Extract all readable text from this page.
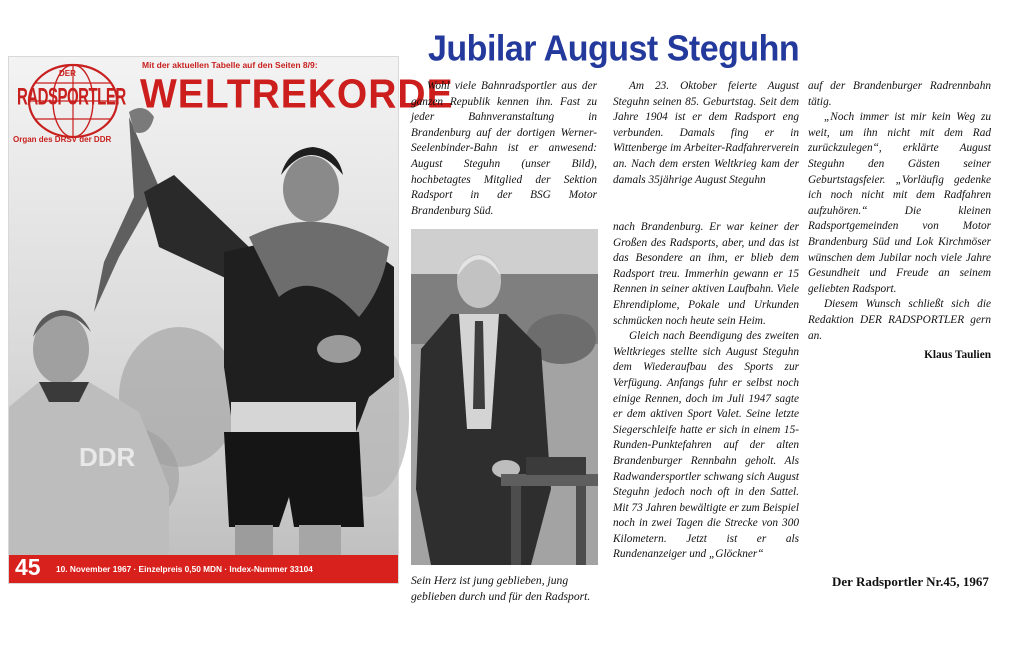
DDR
Mit der aktuellen Tabelle auf den Seiten 8/9:
DER
RADSPORTLER
Organ des DRSV der DDR
WELTREKORDE
45 10. November 1967 · Einzelpreis 0,50 MDN · Index-Nummer 33104
Jubilar August Steguhn

Wohl viele Bahnradsportler aus der ganzen Republik kennen ihn. Fast zu jeder Bahnveranstaltung in Brandenburg auf der dortigen Werner-Seelenbinder-Bahn ist er anwesend: August Steguhn (unser Bild), hochbetagtes Mitglied der Sektion Radsport in der BSG Motor Brandenburg Süd.

Am 23. Oktober feierte August Steguhn seinen 85. Geburtstag. Seit dem Jahre 1904 ist er dem Radsport eng verbunden. Damals fing er in Wittenberge im Arbeiter-Radfahrerverein an. Nach dem ersten Weltkrieg kam der damals 35jährige August Steguhn

nach Brandenburg. Er war keiner der Großen des Radsports, aber, und das ist das Besondere an ihm, er blieb dem Radsport treu. Immerhin gewann er 15 Rennen in seiner aktiven Laufbahn. Viele Ehrendiplome, Pokale und Urkunden schmücken noch heute sein Heim.

Gleich nach Beendigung des zweiten Weltkrieges stellte sich August Steguhn dem Wiederaufbau des Sports zur Verfügung. Anfangs fuhr er selbst noch einige Rennen, doch im Juli 1947 sagte er dem aktiven Sport Valet. Seine letzte Siegerschleife hatte er sich in einem 15-Runden-Punktefahren auf der alten Brandenburger Rennbahn geholt. Als Radwandersportler schwang sich August Steguhn jedoch noch oft in den Sattel. Mit 73 Jahren bewältigte er zum Beispiel noch in zwei Tagen die Strecke von 300 Kilometern. Jetzt ist er als Rundenanzeiger und „Glöckner“

auf der Brandenburger Radrennbahn tätig.

„Noch immer ist mir kein Weg zu weit, um ihn nicht mit dem Rad zurückzulegen“, erklärte August Steguhn den Gästen seiner Geburtstagsfeier. „Vorläufig gedenke ich noch nicht mit dem Radfahren aufzuhören.“ Die kleinen Radsportgemeinden von Motor Brandenburg Süd und Lok Kirchmöser wünschen dem Jubilar noch viele Jahre Gesundheit und Freude an seinem geliebten Radsport.

Diesem Wunsch schließt sich die Redaktion DER RADSPORTLER gern an.

Klaus Taulien
Sein Herz ist jung geblieben, jung geblieben durch und für den Radsport.
Der Radsportler Nr.45, 1967
